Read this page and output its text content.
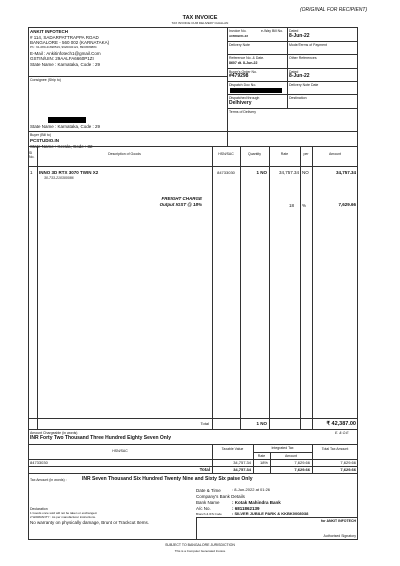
(ORIGINAL FOR RECIPIENT)
TAX INVOICE
TAX INVOICE CUM DELIVERY CHALLAN
ANKIT INFOTECH
# 114, SADARPATTRAPPA ROAD
BANGALORE - 560 002 (KARNATAKA)
Ph : 91-080-41698519, 9620032121, 8904589884
E-Mail : Ankitinfotech1@gmail.Com
GSTIN/UIN: 29AALFA6660P1ZI
State Name : Karnataka, Code : 29
Consignee (Ship to)
State Name : Karnataka, Code : 29
Buyer (Bill to)
PCSTUDIO.IN
State Name : Kerala, Code : 32
Invoice No.	e-Way Bill No.
AI/6582/21-22
Dated
8-Jun-22
Delivery Note	Mode/Terms of Payment
Reference No. & Date.
8607 dt. 8-Jun-22
Other References
Buyer's Order No.
#479298
Dated
8-Jun-22
Dispatch Doc No.	Delivery Note Date
Dispatched through
Delhivery
Destination
Terms of Delivery
Sl No.
Description of Goods	HSN/SAC	Quantity	Rate	per	Amount
1 INNO 3D RTX 3070 TWIN X2
30-733-210300086
84733030	1 NO	34,757.34 NO	34,757.34
FREIGHT CHARGE
Output IGST @ 18%	18 %	7,629.66
Total	1 NO	₹ 42,387.00
Amount Chargeable (in words)	E. & O.E
INR Forty Two Thousand Three Hundred Eighty Seven Only
HSN/SAC	Taxable Value	Integrated Tax
Rate	Amount
Total Tax Amount
84733030	34,757.34	18%	7,629.66	7,629.66
Total	34,757.34	7,629.66	7,629.66
Tax Amount (in words) :	INR Seven Thousand Six Hundred Twenty Nine and Sixty Six paise Only
Date & Time	: 8-Jun-2022 at 01:26
Company's Bank Details
Bank Name	: Kotak Mahindra Bank
A/c No.	: 6811862139
Branch & IFS Code	: SILVER JUBILE PARK & KKBK0008038
Declaration
1 Goods once sold will not be taken or exchanged.
2 WARRANTY : As per manufacturer instructions.
No warranty on physically damage, Brunt or Trackcut Items.	for ANKIT INFOTECH
Authorised Signatory
SUBJECT TO BANGALORE JURISDICTION
This is a Computer Generated Invoice
